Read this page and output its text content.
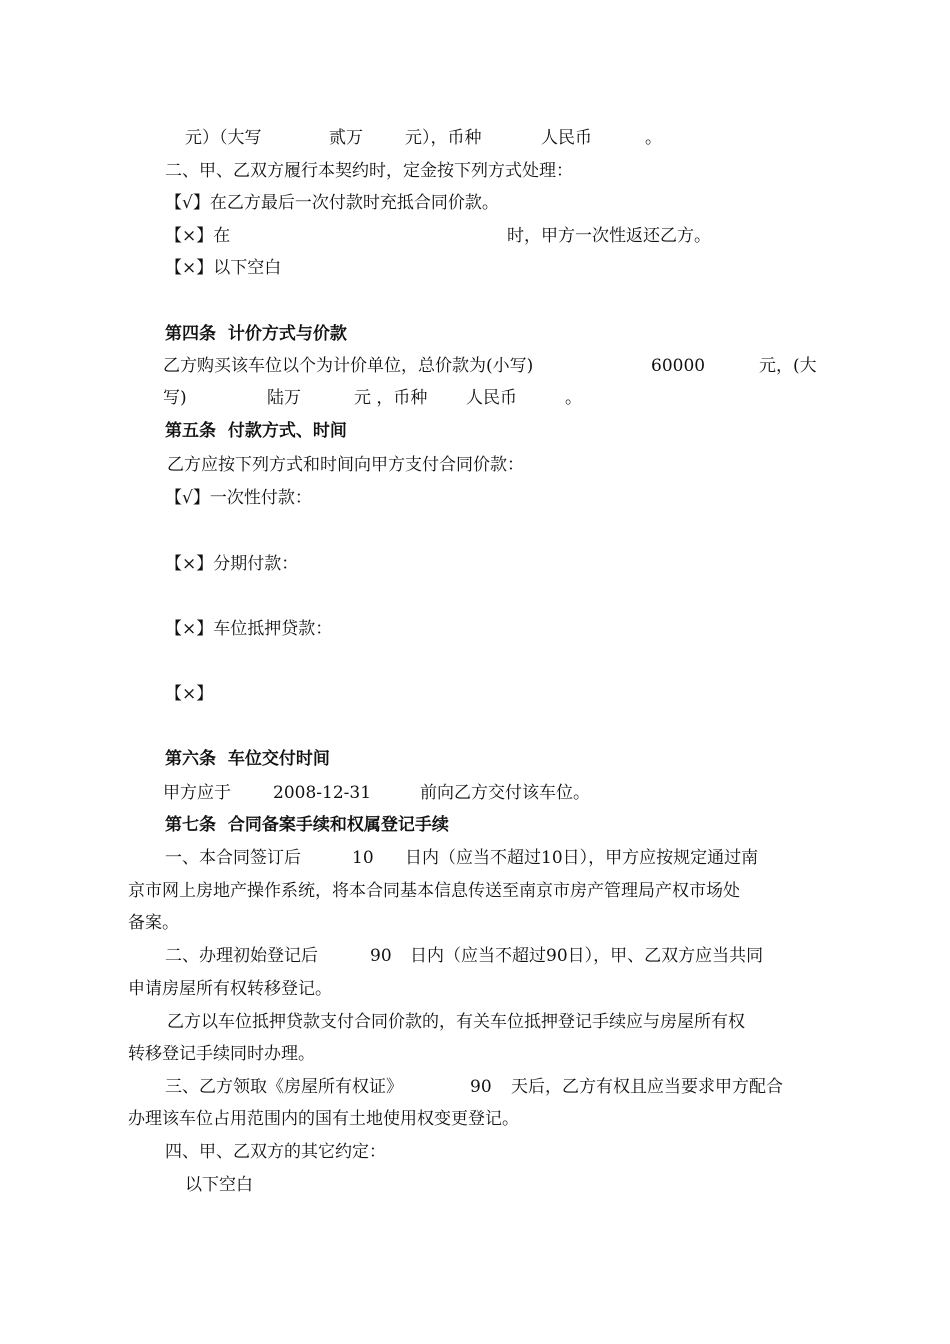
元）（大写	贰万 元），币种	人民币	。
二、甲、乙双方履行本契约时，定金按下列方式处理：
【√】在乙方最后一次付款时充抵合同价款。
【×】在	时，甲方一次性返还乙方。
【×】以下空白
第四条  计价方式与价款
乙方购买该车位以个为计价单位，总价款为(小写)	60000	元，(大
写)	陆万	元 ，币种 人民币	。
第五条  付款方式、时间
乙方应按下列方式和时间向甲方支付合同价款：
【√】一次性付款：
【×】分期付款：
【×】车位抵押贷款：
【×】
第六条  车位交付时间
甲方应于 2008-12-31	前向乙方交付该车位。
第七条  合同备案手续和权属登记手续
一、本合同签订后	10 日内（应当不超过10日），甲方应按规定通过南
京市网上房地产操作系统，将本合同基本信息传送至南京市房产管理局产权市场处
备案。
二、办理初始登记后	90 日内（应当不超过90日），甲、乙双方应当共同
申请房屋所有权转移登记。
乙方以车位抵押贷款支付合同价款的，有关车位抵押登记手续应与房屋所有权
转移登记手续同时办理。
三、乙方领取《房屋所有权证》	90 天后，乙方有权且应当要求甲方配合
办理该车位占用范围内的国有土地使用权变更登记。
四、甲、乙双方的其它约定：
以下空白
